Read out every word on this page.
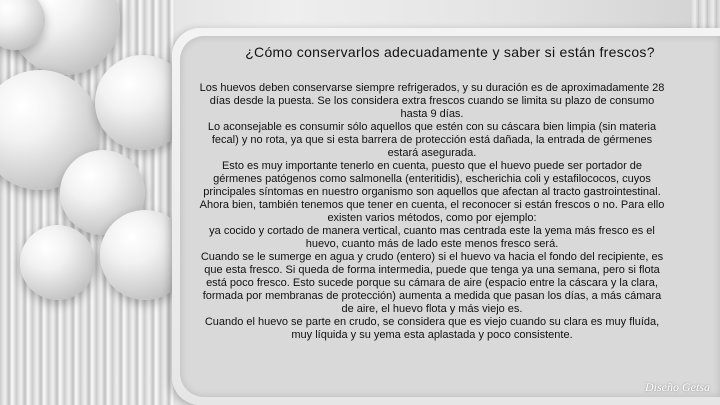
¿Cómo conservarlos adecuadamente y saber si están frescos?

Los huevos deben conservarse siempre refrigerados, y su duración es de aproximadamente 28 días desde la puesta. Se los considera extra frescos cuando se limita su plazo de consumo hasta 9 días.

Lo aconsejable es consumir sólo aquellos que estén con su cáscara bien limpia (sin materia fecal) y no rota, ya que si esta barrera de protección está dañada, la entrada de gérmenes estará asegurada.

Esto es muy importante tenerlo en cuenta, puesto que el huevo puede ser portador de gérmenes patógenos como salmonella (enteritidis), escherichia coli y estafilococos, cuyos principales síntomas en nuestro organismo son aquellos que afectan al tracto gastrointestinal.

Ahora bien, también tenemos que tener en cuenta, el reconocer si están frescos o no. Para ello existen varios métodos, como por ejemplo:

ya cocido y cortado de manera vertical, cuanto mas centrada este la yema más fresco es el huevo, cuanto más de lado este menos fresco será.

Cuando se le sumerge en agua y crudo (entero) si el huevo va hacia el fondo del recipiente, es que esta fresco. Si queda de forma intermedia, puede que tenga ya una semana, pero si flota está poco fresco. Esto sucede porque su cámara de aire (espacio entre la cáscara y la clara, formada por membranas de protección) aumenta a medida que pasan los días, a más cámara de aire, el huevo flota y más viejo es.

Cuando el huevo se parte en crudo, se considera que es viejo cuando su clara es muy fluída, muy líquida y su yema esta aplastada y poco consistente.

Diseño Getsa
